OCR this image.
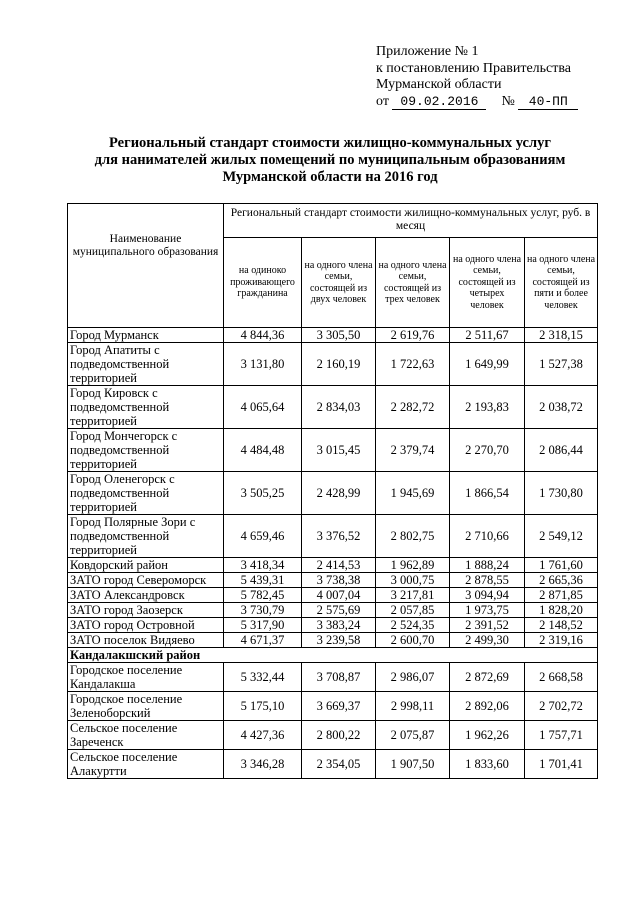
Приложение № 1
к постановлению Правительства
Мурманской области
от 09.02.2016 № 40-ПП
Региональный стандарт стоимости жилищно-коммунальных услуг
для нанимателей жилых помещений по муниципальным образованиям
Мурманской области на 2016 год
Наименование муниципального образования	Региональный стандарт стоимости жилищно-коммунальных услуг, руб. в месяц				
	на одиноко проживающего гражданина	на одного члена семьи, состоящей из двух человек	на одного члена семьи, состоящей из трех человек	на одного члена семьи, состоящей из четырех человек	на одного члена семьи, состоящей из пяти и более человек
Город Мурманск	4 844,36	3 305,50	2 619,76	2 511,67	2 318,15
Город Апатиты с подведомственной территорией	3 131,80	2 160,19	1 722,63	1 649,99	1 527,38
Город Кировск с подведомственной территорией	4 065,64	2 834,03	2 282,72	2 193,83	2 038,72
Город Мончегорск с подведомственной территорией	4 484,48	3 015,45	2 379,74	2 270,70	2 086,44
Город Оленегорск с подведомственной территорией	3 505,25	2 428,99	1 945,69	1 866,54	1 730,80
Город Полярные Зори с подведомственной территорией	4 659,46	3 376,52	2 802,75	2 710,66	2 549,12
Ковдорский район	3 418,34	2 414,53	1 962,89	1 888,24	1 761,60
ЗАТО город Североморск	5 439,31	3 738,38	3 000,75	2 878,55	2 665,36
ЗАТО Александровск	5 782,45	4 007,04	3 217,81	3 094,94	2 871,85
ЗАТО город Заозерск	3 730,79	2 575,69	2 057,85	1 973,75	1 828,20
ЗАТО город Островной	5 317,90	3 383,24	2 524,35	2 391,52	2 148,52
ЗАТО поселок Видяево	4 671,37	3 239,58	2 600,70	2 499,30	2 319,16
Кандалакшский район					
Городское поселение Кандалакша	5 332,44	3 708,87	2 986,07	2 872,69	2 668,58
Городское поселение Зеленоборский	5 175,10	3 669,37	2 998,11	2 892,06	2 702,72
Сельское поселение Зареченск	4 427,36	2 800,22	2 075,87	1 962,26	1 757,71
Сельское поселение Алакуртти	3 346,28	2 354,05	1 907,50	1 833,60	1 701,41
